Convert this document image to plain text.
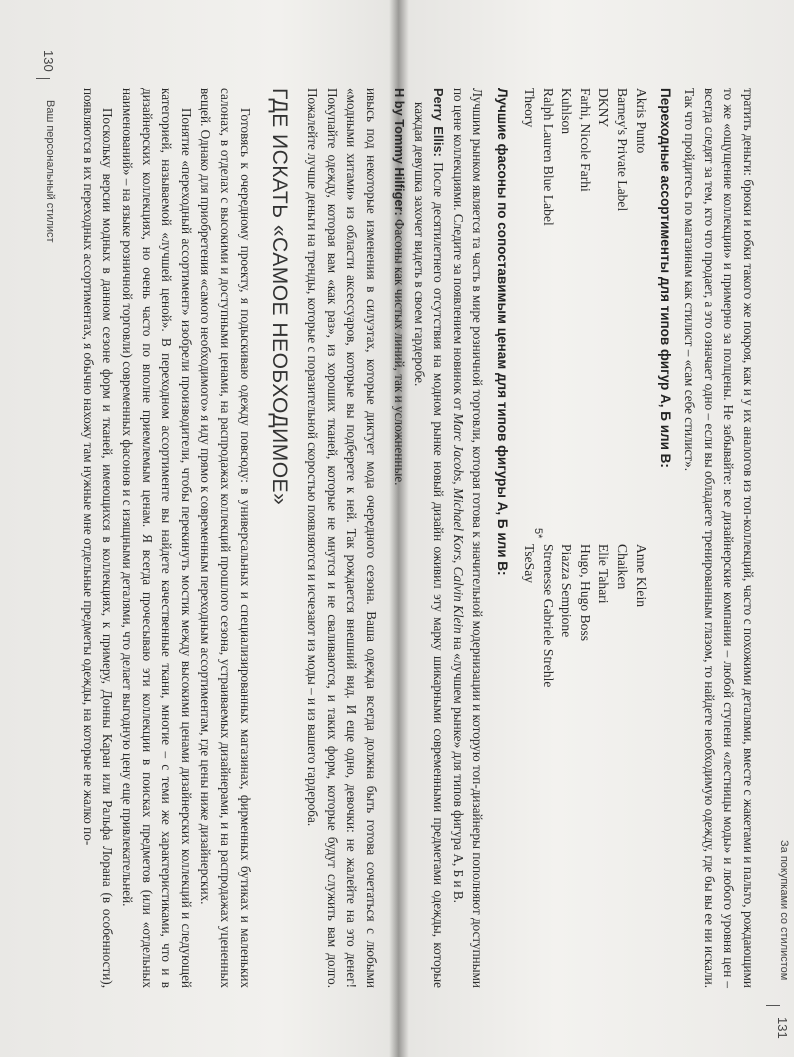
ивысь под некоторые изменения в силуэтах, которые диктует мода очередного сезона. Ваша одежда всегда должна быть готова сочетаться с любыми «модными хитами» из области аксессуаров, которые вы подберете к ней. Так рождается внешний вид. И еще одно, девочки: не жалейте на это денег! Покупайте одежду, которая вам «как раз», из хороших тканей, которые не мнутся и не сваливаются, и таких форм, которые будут служить вам долго. Пожалейте лучше деньги на тренды, которые с поразительной скоростью появляются и исчезают из моды – и из вашего гардероба.

ГДЕ ИСКАТЬ «САМОЕ НЕОБХОДИМОЕ»

Готовясь к очередному проекту, я подыскиваю одежду повсюду: в универсальных и специализированных магазинах, фирменных бутиках и маленьких салонах, в отделах с высокими и доступными ценами, на распродажах коллекций прошлого сезона, устраиваемых дизайнерами, и на распродажах уцененных вещей. Однако для приобретения «самого необходимого» я иду прямо к современным переходным ассортиментам, где цены ниже дизайнерских.

Понятие «переходный ассортимент» изобрели производители, чтобы перекинуть мостик между высокими ценами дизайнерских коллекций и следующей категорией, называемой «лучшей ценой». В переходном ассортименте вы найдете качественные ткани, многие – с теми же характеристиками, что и в дизайнерских коллекциях, но очень часто по вполне приемлемым ценам. Я всегда прочесываю эти коллекции в поисках предметов (или «отдельных наименований» – на языке розничной торговли) современных фасонов и с изящными деталями, что делает выгодную цену еще привлекательней.

Поскольку версии модных в данном сезоне форм и тканей, имеющихся в коллекциях, к примеру, Донны Каран или Ральфа Лорана (в особенности), появляются в их переходных ассортиментах, я обычно нахожу там нужные мне отдельные предметы одежды, на которые не жалко по-

130
Ваш персональный стилист	тратить деньги: брюки и юбки такого же покроя, как и у их аналогов из топ-коллекций, часто с похожими деталями, вместе с жакетами и пальто, рождающими то же «ощущение коллекции» и примерно за полцены. Не забывайте: все дизайнерские компании – любой ступени «лестницы моды» и любого уровня цен – всегда следят за тем, кто что продает, а это означает одно – если вы обладаете тренированным глазом, то найдете необходимую одежду, где бы вы ее ни искали. Так что пройдитесь по магазинам как стилист – «сам себе стилист».

Переходные ассортименты для типов фигур А, Б или В:
Akris Punto
Anne Klein
Barney's Private Label
Chaiken
DKNY
Elie Tahari
Farhi, Nicole Farhi
Hugo, Hugo Boss
Kuhlson
Piazza Sempione
Ralph Lauren Blue Label
Strenesse Gabriele Strehle
Theory
TseSay
Лучшие фасоны по сопоставимым ценам для типов фигуры А, Б или В:

Лучшим рынком является та часть в мире розничной торговли, которая готова к значительной модернизации и которую топ-дизайнеры пополняют доступными по цене коллекциями. Следите за появлением новинок от Marc Jacobs, Michael Kors, Calvin Klein на «лучшем рынке» для типов фигура А, Б и В.

Perry Ellis: После десятилетнего отсутствия на модном рынке новый дизайн оживил эту марку шикарными современными предметами одежды, которые каждая девушка захочет видеть в своем гардеробе.

H by Tommy Hilfiger: Фасоны как чистых линий, так и усложненные.

5*
За покупками со стилистом
131
